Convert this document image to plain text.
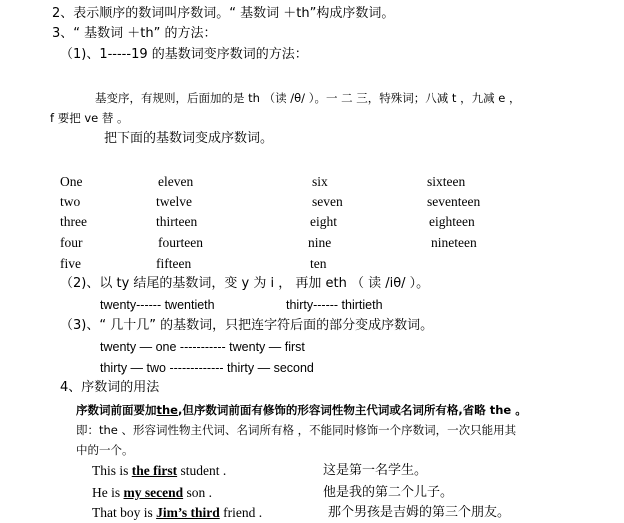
2、表示顺序的数词叫序数词。“ 基数词 ＋th”构成序数词。
3、“ 基数词 ＋th” 的方法：
（1)、1-----19 的基数词变序数词的方法：
基变序，有规则，后面加的是 th （读 /θ/ ）。一 二 三，特殊词；八减 t ，九减 e ，
f 要把 ve 替 。
把下面的基数词变成序数词。
One	eleven	six	sixteen
two	twelve	seven	seventeen
three	thirteen	eight	eighteen
four	fourteen	nine	nineteen
five	fifteen	ten
（2)、以 ty 结尾的基数词，变 y 为 i ， 再加 eth （ 读 /iθ/ ）。
twenty------ twentieth	thirty------ thirtieth
（3)、“ 几十几” 的基数词，只把连字符后面的部分变成序数词。
twenty — one ----------- twenty — first
thirty — two ------------- thirty — second
4、序数词的用法
序数词前面要加the,但序数词前面有修饰的形容词性物主代词或名词所有格,省略 the 。
即：the 、形容词性物主代词、名词所有格 ，不能同时修饰一个序数词，一次只能用其
中的一个。
This is the first student .	这是第一名学生。
He is my secend son .	他是我的第二个儿子。
That boy is Jim’s third friend .	那个男孩是吉姆的第三个朋友。
